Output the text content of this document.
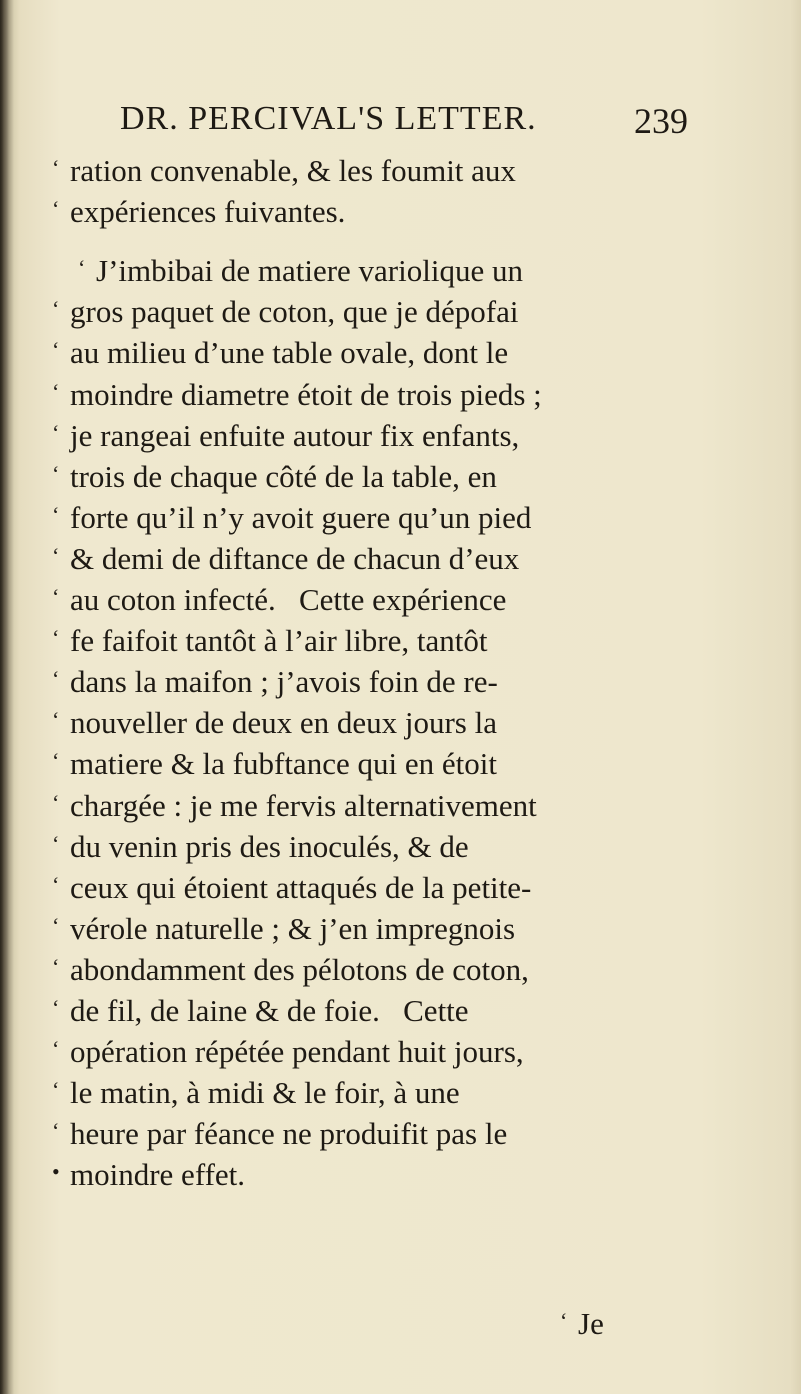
DR. PERCIVAL'S LETTER.	239
‘ ration convenable, & les foumit aux
‘ expériences fuivantes.
‘ J’imbibai de matiere variolique un
‘ gros paquet de coton, que je dépofai
‘ au milieu d’une table ovale, dont le
‘ moindre diametre étoit de trois pieds ;
‘ je rangeai enfuite autour fix enfants,
‘ trois de chaque côté de la table, en
‘ forte qu’il n’y avoit guere qu’un pied
‘ & demi de diftance de chacun d’eux
‘ au coton infecté.   Cette expérience
‘ fe faifoit tantôt à l’air libre, tantôt
‘ dans la maifon ; j’avois foin de re-
‘ nouveller de deux en deux jours la
‘ matiere & la fubftance qui en étoit
‘ chargée : je me fervis alternativement
‘ du venin pris des inoculés, & de
‘ ceux qui étoient attaqués de la petite-
‘ vérole naturelle ; & j’en impregnois
‘ abondamment des pélotons de coton,
‘ de fil, de laine & de foie.   Cette
‘ opération répétée pendant huit jours,
‘ le matin, à midi & le foir, à une
‘ heure par féance ne produifit pas le
• moindre effet.
‘ Je
